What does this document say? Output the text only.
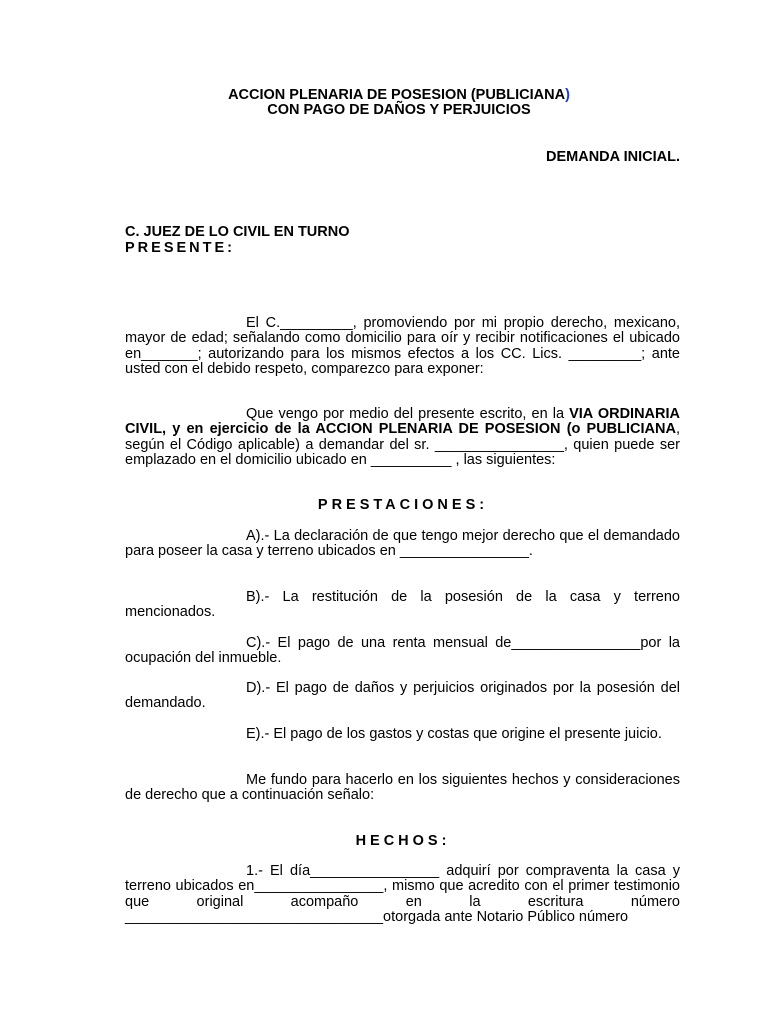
ACCION PLENARIA DE POSESION (PUBLICIANA)
CON PAGO DE DAÑOS Y PERJUICIOS
DEMANDA INICIAL.
C. JUEZ DE LO CIVIL EN TURNO
PRESENTE:
El C._________, promoviendo por mi propio derecho, mexicano, mayor de edad; señalando como domicilio para oír y recibir notificaciones el ubicado en_______; autorizando para los mismos efectos a los CC. Lics. _________; ante usted con el debido respeto, comparezco para exponer:
Que vengo por medio del presente escrito, en la VIA ORDINARIA CIVIL, y en ejercicio de la ACCION PLENARIA DE POSESION (o PUBLICIANA, según el Código aplicable) a demandar del sr. ________________, quien puede ser emplazado en el domicilio ubicado en __________ , las siguientes:
PRESTACIONES:
A).- La declaración de que tengo mejor derecho que el demandado para poseer la casa y terreno ubicados en ________________.
B).- La restitución de la posesión de la casa y terreno mencionados.
C).- El pago de una renta mensual de________________por la ocupación del inmueble.
D).- El pago de daños y perjuicios originados por la posesión del demandado.
E).- El pago de los gastos y costas que origine el presente juicio.
Me fundo para hacerlo en los siguientes hechos y consideraciones de derecho que a continuación señalo:
HECHOS:
1.- El día________________ adquirí por compraventa la casa y terreno ubicados en________________, mismo que acredito con el primer testimonio que original acompaño en la escritura número ________________________________otorgada ante Notario Público número
